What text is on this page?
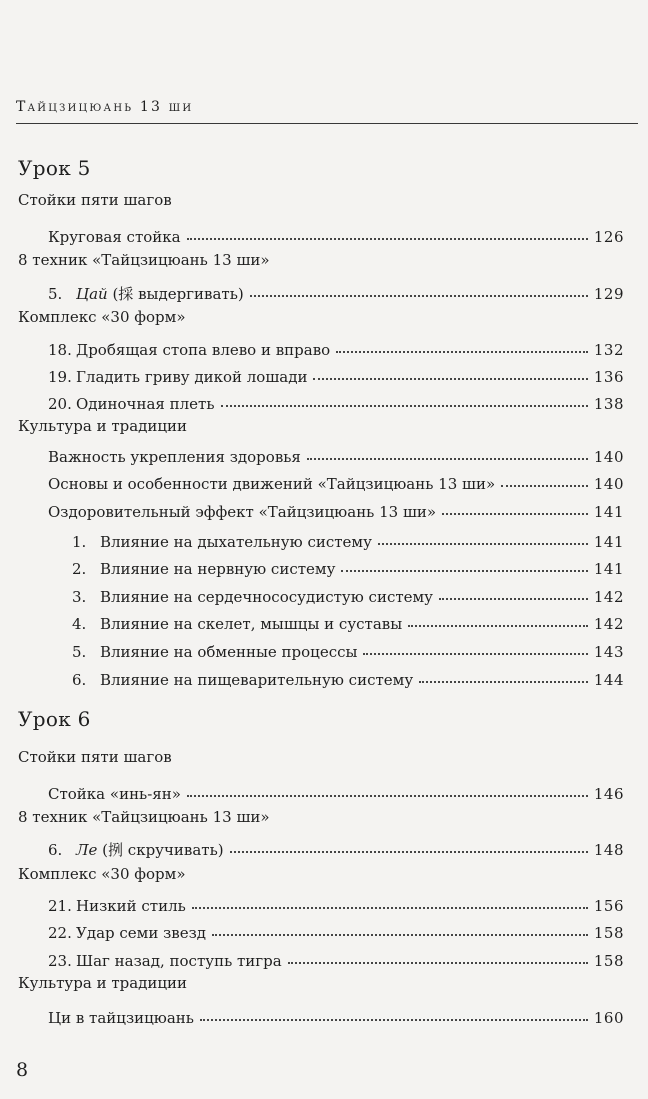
Тайцзицюань 13 ши
Урок 5
Стойки пяти шагов
Круговая стойка	126
8 техник «Тайцзицюань 13 ши»
5. Цай (採 выдергивать)	129
Комплекс «30 форм»
18. Дробящая стопа влево и вправо	132
19. Гладить гриву дикой лошади	136
20. Одиночная плеть	138
Культура и традиции
Важность укрепления здоровья	140
Основы и особенности движений «Тайцзицюань 13 ши»	140
Оздоровительный эффект «Тайцзицюань 13 ши»	141
1. Влияние на дыхательную систему	141
2. Влияние на нервную систему	141
3. Влияние на сердечнососудистую систему	142
4. Влияние на скелет, мышцы и суставы	142
5. Влияние на обменные процессы	143
6. Влияние на пищеварительную систему	144
Урок 6
Стойки пяти шагов
Стойка «инь-ян»	146
8 техник «Тайцзицюань 13 ши»
6. Ле (挒 скручивать)	148
Комплекс «30 форм»
21. Низкий стиль	156
22. Удар семи звезд	158
23. Шаг назад, поступь тигра	158
Культура и традиции
Ци в тайцзицюань	160
8
